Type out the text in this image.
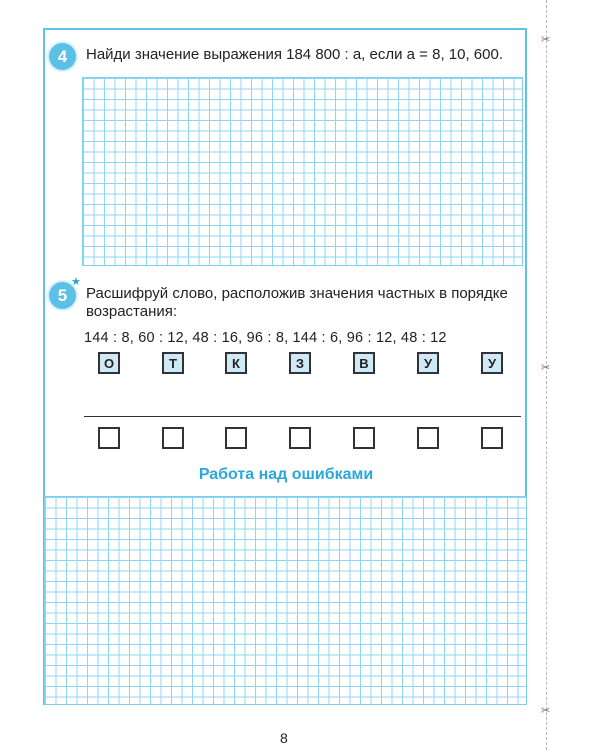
4	Найди значение выражения 184 800 : a, если a = 8, 10, 600.
5
★
Расшифруй слово, расположив значения частных в порядке возрастания:
144 : 8, 60 : 12, 48 : 16, 96 : 8, 144 : 6, 96 : 12, 48 : 12
О	Т	К	З	В	У	У
Работа над ошибками
8
✂
✂
✂
